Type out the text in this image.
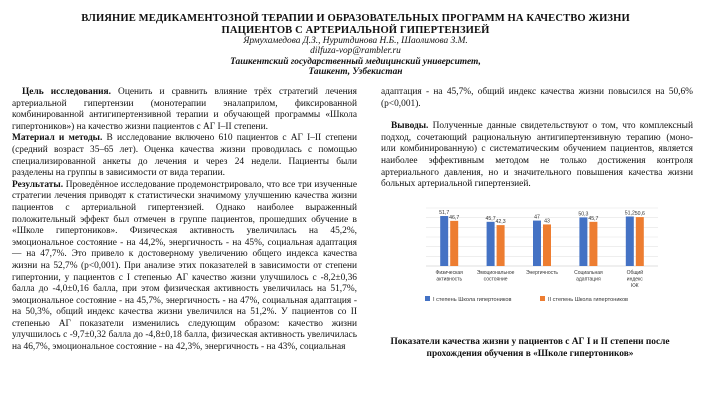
ВЛИЯНИЕ МЕДИКАМЕНТОЗНОЙ ТЕРАПИИ И ОБРАЗОВАТЕЛЬНЫХ ПРОГРАММ НА КАЧЕСТВО ЖИЗНИ
ПАЦИЕНТОВ С АРТЕРИАЛЬНОЙ ГИПЕРТЕНЗИЕЙ
Ярмухамедова Д.З., Нуритдинова Н.Б., Шаолимова З.М.
dilfuza-vop@rambler.ru
Ташкентский государственный медицинский университет,
Ташкент, Узбекистан

Цель исследования. Оценить и сравнить влияние трёх стратегий лечения артериальной гипертензии (монотерапии эналаприлом, фиксированной комбинированной антигипертензивной терапии и обучающей программы «Школа гипертоников») на качество жизни пациентов с АГ I–II степени.

Материал и методы. В исследование включено 610 пациентов с АГ I–II степени (средний возраст 35–65 лет). Оценка качества жизни проводилась с помощью специализированной анкеты до лечения и через 24 недели. Пациенты были разделены на группы в зависимости от вида терапии.

Результаты. Проведённое исследование продемонстрировало, что все три изученные стратегии лечения приводят к статистически значимому улучшению качества жизни пациентов с артериальной гипертензией. Однако наиболее выраженный положительный эффект был отмечен в группе пациентов, прошедших обучение в «Школе гипертоников». Физическая активность увеличилась на 45,2%, эмоциональное состояние - на 44,2%, энергичность - на 45%, социальная адаптация— на 47,7%. Это привело к достоверному увеличению общего индекса качества жизни на 52,7% (p<0,001). При анализе этих показателей в зависимости от степени гипертонии, у пациентов с I степенью АГ качество жизни улучшилось с -8,2±0,36 балла до -4,0±0,16 балла, при этом физическая активность увеличилась на 51,7%, эмоциональное состояние - на 45,7%, энергичность - на 47%, социальная адаптация - на 50,3%, общий индекс качества жизни увеличился на 51,2%. У пациентов со II степенью АГ показатели изменились следующим образом: качество жизни улучшилось с -9,7±0,32 балла до -4,8±0,18 балла, физическая активность увеличилась на 46,7%, эмоциональное состояние - на 42,3%, энергичность - на 43%, социальная

адаптация - на 45,7%, общий индекс качества жизни повысился на 50,6% (p<0,001).

Выводы. Полученные данные свидетельствуют о том, что комплексный подход, сочетающий рациональную антигипертензивную терапию (моно- или комбинированную) с систематическим обучением пациентов, является наиболее эффективным методом не только достижения контроля артериального давления, но и значительного повышения качества жизни больных артериальной гипертензией.

51,7
46,7
Физическая
активность
45,7
42,3
Эмоциональное
состояние
47
43
Энергичность
50,3
45,7
Социальная
адаптация
51,2 50,6
Общий
индекс
КЖ
I степень Школа гипертоников	II степень Школа гипертоников
Показатели качества жизни у пациентов с АГ I и II степени после прохождения обучения в «Школе гипертоников»
